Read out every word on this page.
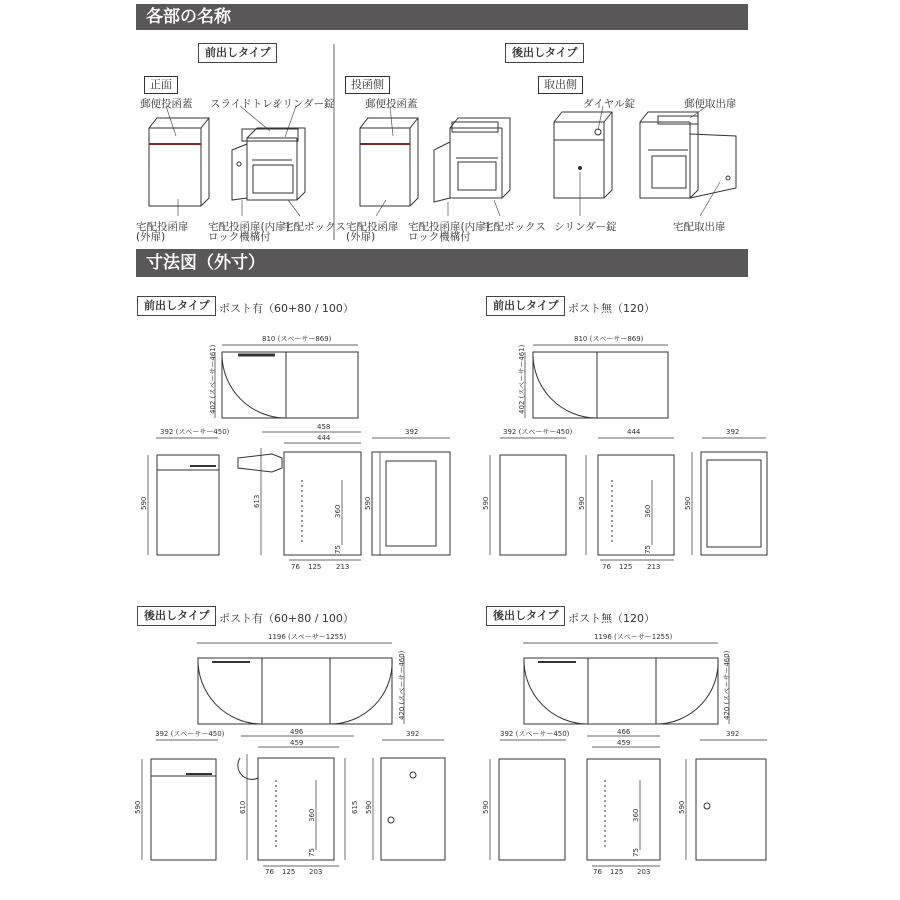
各部の名称
寸法図（外寸）
前出しタイプ	後出しタイプ
正面	投函側	取出側
郵便投函蓋 スライドトレイ
シリンダー錠	郵便投函蓋	ダイヤル錠	郵便取出扉
宅配投函扉
(外扉)
宅配投函扉(内扉)
ロック機構付
宅配ボックス 宅配投函扉
(外扉)
宅配投函扉(内扉)
ロック機構付
宅配ボックス シリンダー錠	宅配取出扉
前出しタイプ ポスト有（60+80 / 100）	前出しタイプ ポスト無（120）
後出しタイプ ポスト有（60+80 / 100）	後出しタイプ ポスト無（120）
810 (スペーサー869)
402 (スペーサー461)
392 (スペーサー450)
458
444
392
590	613
360
75
590
76 125 213
810 (スペーサー869)
402 (スペーサー461)
392 (スペーサー450)	444	392
590	590
360
75
590
76 125 213
1196 (スペーサー1255)
420 (スペーサー460)
392 (スペーサー450)	496
459
392
590	610
360
75
615 590
76 125 203
1196 (スペーサー1255)
420 (スペーサー460)
392 (スペーサー450)	466
459
392
590
360
75
590
76 125 203
